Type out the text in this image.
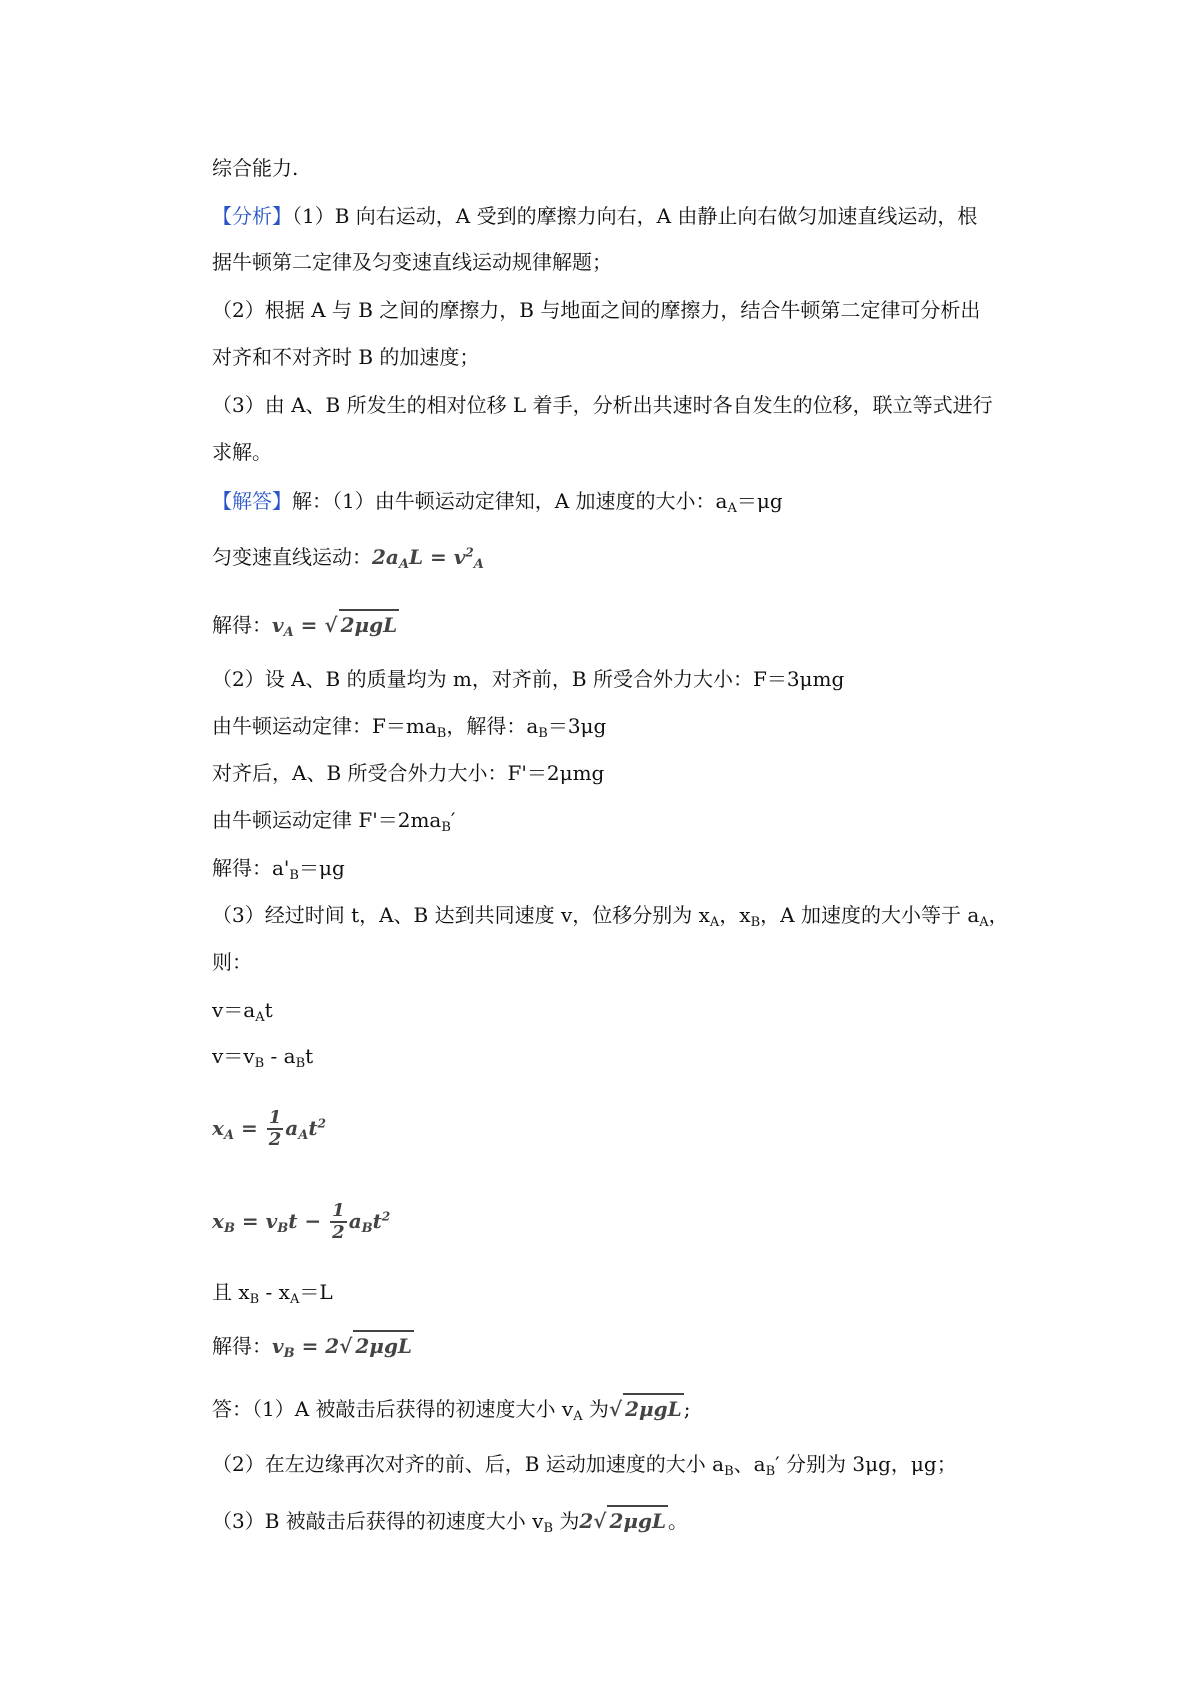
综合能力.
【分析】（1）B 向右运动，A 受到的摩擦力向右，A 由静止向右做匀加速直线运动，根
据牛顿第二定律及匀变速直线运动规律解题；
（2）根据 A 与 B 之间的摩擦力，B 与地面之间的摩擦力，结合牛顿第二定律可分析出
对齐和不对齐时 B 的加速度；
（3）由 A、B 所发生的相对位移 L 着手，分析出共速时各自发生的位移，联立等式进行
求解。
【解答】解：（1）由牛顿运动定律知，A 加速度的大小：$a_A=\mu g$
匀变速直线运动：$2a_AL = v^2_A$
解得：$v_A$ = √ 2μgL
（2）设 A、B 的质量均为 m，对齐前，B 所受合外力大小：F＝3μmg
由牛顿运动定律：$F=ma_B$，解得：$a_B=3\mu g$
对齐后，A、B 所受合外力大小：F'＝2μmg
由牛顿运动定律 $F'=2ma_B'$
解得：$a'_B=\mu g$
（3）经过时间 t，A、B 达到共同速度 v，位移分别为 $x_A$，$x_B$，A 加速度的大小等于 $a_A$，
则：
$v=a_At$
$v=v_B - a_Bt$
$x_A = \frac{1}{2} a_At^2$
$x_B = v_Bt - \frac{1}{2} a_Bt^2$
且 $x_B - x_A=L$
解得：$v_B = 2√$ 2μgL
答：（1）A 被敲击后获得的初速度大小 $v_A$ 为√ 2μgL ;
（2）在左边缘再次对齐的前、后，B 运动加速度的大小 $a_B$、$a_B'$ 分别为 3μg，μg；
（3）B 被敲击后获得的初速度大小 $v_B$ 为2√ 2μgL 。
